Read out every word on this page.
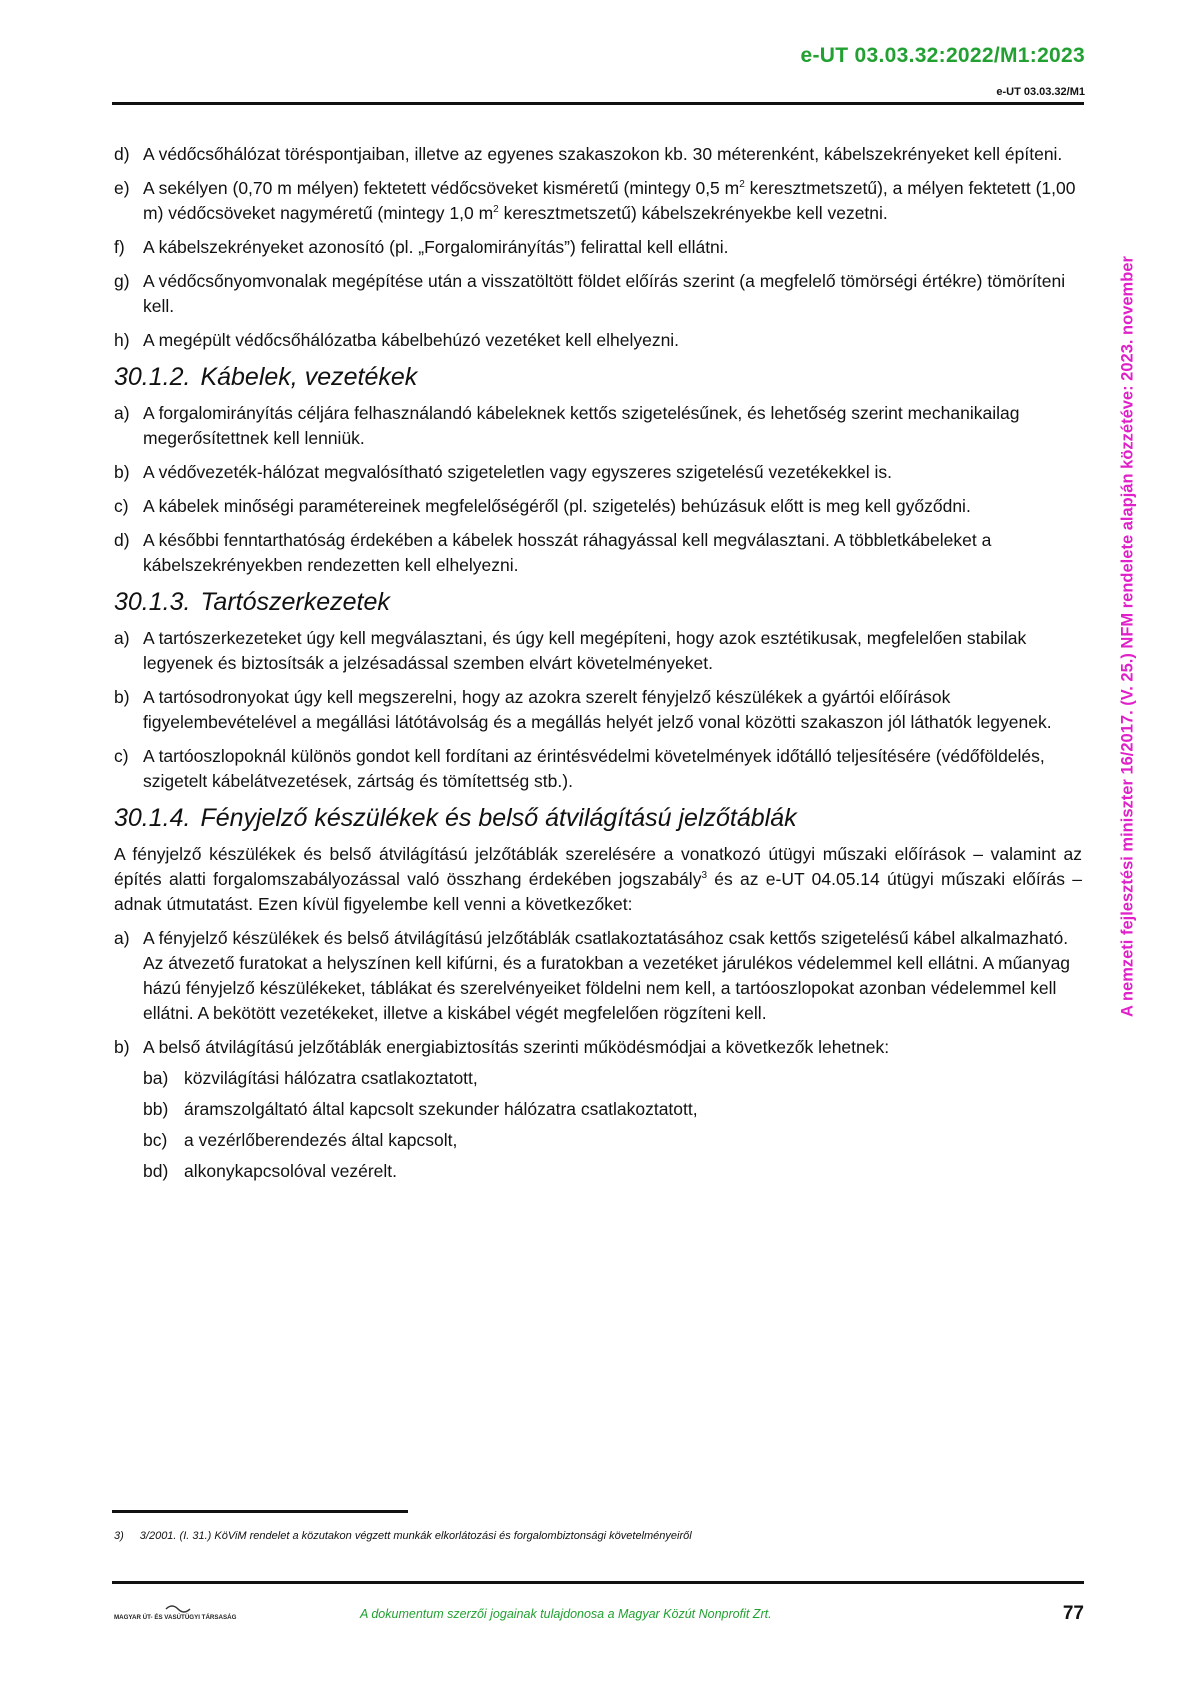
e-UT 03.03.32:2022/M1:2023
e-UT 03.03.32/M1
A nemzeti fejlesztési miniszter 16/2017. (V. 25.) NFM rendelete alapján közzétéve: 2023. november
d) A védőcsőhálózat töréspontjaiban, illetve az egyenes szakaszokon kb. 30 méterenként, kábelszekrényeket kell építeni.
e) A sekélyen (0,70 m mélyen) fektetett védőcsöveket kisméretű (mintegy 0,5 $m^2$ keresztmetszetű), a mélyen fektetett (1,00 m) védőcsöveket nagyméretű (mintegy 1,0 $m^2$ keresztmetszetű) kábelszekrényekbe kell vezetni.
f) A kábelszekrényeket azonosító (pl. „Forgalomirányítás”) felirattal kell ellátni.
g) A védőcsőnyomvonalak megépítése után a visszatöltött földet előírás szerint (a megfelelő tömörségi értékre) tömöríteni kell.
h) A megépült védőcsőhálózatba kábelbehúzó vezetéket kell elhelyezni.
30.1.2. Kábelek, vezetékek
a) A forgalomirányítás céljára felhasználandó kábeleknek kettős szigetelésűnek, és lehetőség szerint mechanikailag megerősítettnek kell lenniük.
b) A védővezeték-hálózat megvalósítható szigeteletlen vagy egyszeres szigetelésű vezetékekkel is.
c) A kábelek minőségi paramétereinek megfelelőségéről (pl. szigetelés) behúzásuk előtt is meg kell győződni.
d) A későbbi fenntarthatóság érdekében a kábelek hosszát ráhagyással kell megválasztani. A többletkábeleket a kábelszekrényekben rendezetten kell elhelyezni.
30.1.3. Tartószerkezetek
a) A tartószerkezeteket úgy kell megválasztani, és úgy kell megépíteni, hogy azok esztétikusak, megfelelően stabilak legyenek és biztosítsák a jelzésadással szemben elvárt követelményeket.
b) A tartósodronyokat úgy kell megszerelni, hogy az azokra szerelt fényjelző készülékek a gyártói előírások figyelembevételével a megállási látótávolság és a megállás helyét jelző vonal közötti szakaszon jól láthatók legyenek.
c) A tartóoszlopoknál különös gondot kell fordítani az érintésvédelmi követelmények időtálló teljesítésére (védőföldelés, szigetelt kábelátvezetések, zártság és tömítettség stb.).
30.1.4. Fényjelző készülékek és belső átvilágítású jelzőtáblák
A fényjelző készülékek és belső átvilágítású jelzőtáblák szerelésére a vonatkozó útügyi műszaki előírások – valamint az építés alatti forgalomszabályozással való összhang érdekében jogszabály$^3$ és az e-UT 04.05.14 útügyi műszaki előírás – adnak útmutatást. Ezen kívül figyelembe kell venni a következőket:
a) A fényjelző készülékek és belső átvilágítású jelzőtáblák csatlakoztatásához csak kettős szigetelésű kábel alkalmazható. Az átvezető furatokat a helyszínen kell kifúrni, és a furatokban a vezetéket járulékos védelemmel kell ellátni. A műanyag házú fényjelző készülékeket, táblákat és szerelvényeiket földelni nem kell, a tartóoszlopokat azonban védelemmel kell ellátni. A bekötött vezetékeket, illetve a kiskábel végét megfelelően rögzíteni kell.
b) A belső átvilágítású jelzőtáblák energiabiztosítás szerinti működésmódjai a következők lehetnek:
ba) közvilágítási hálózatra csatlakoztatott,
bb) áramszolgáltató által kapcsolt szekunder hálózatra csatlakoztatott,
bc) a vezérlőberendezés által kapcsolt,
bd) alkonykapcsolóval vezérelt.
3) 3/2001. (I. 31.) KöViM rendelet a közutakon végzett munkák elkorlátozási és forgalombiztonsági követelményeiről
MAGYAR ÚT- ÉS VASÚTÜGYI TÁRSASÁG	A dokumentum szerzői jogainak tulajdonosa a Magyar Közút Nonprofit Zrt.	77
